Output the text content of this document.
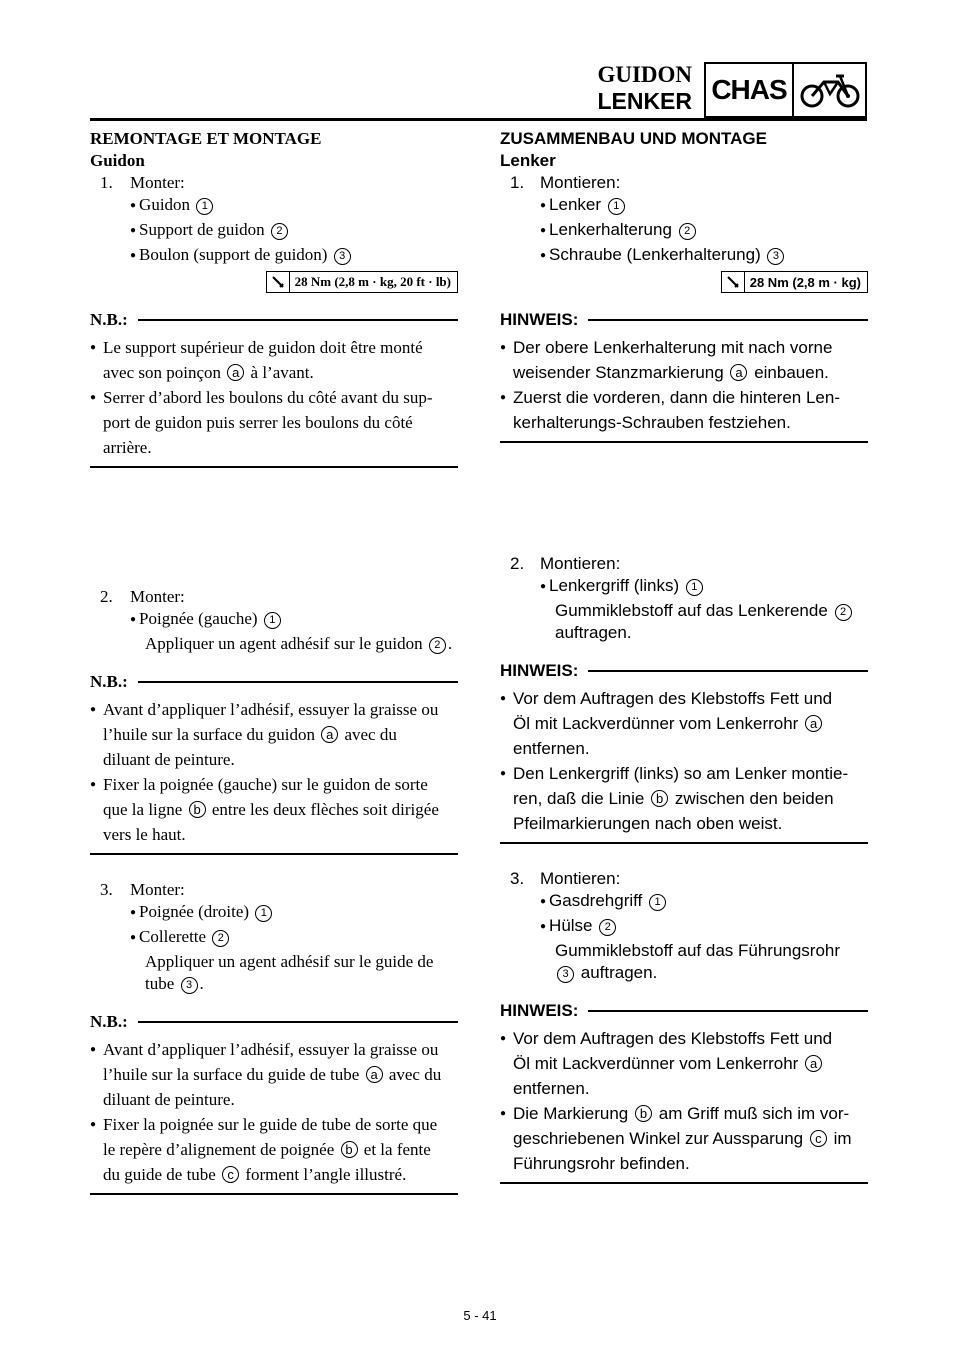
GUIDON
LENKER CHAS
REMONTAGE ET MONTAGE
Guidon
1. Monter:
● Guidon 1
● Support de guidon 2
● Boulon (support de guidon) 3
28 Nm (2,8 m · kg, 20 ft · lb)
N.B.:
● Le support supérieur de guidon doit être monté
avec son poinçon a à l’avant.
● Serrer d’abord les boulons du côté avant du sup-
port de guidon puis serrer les boulons du côté
arrière.
2. Monter:
● Poignée (gauche) 1
Appliquer un agent adhésif sur le guidon 2 .
N.B.:
● Avant d’appliquer l’adhésif, essuyer la graisse ou
l’huile sur la surface du guidon a avec du
diluant de peinture.
● Fixer la poignée (gauche) sur le guidon de sorte
que la ligne b entre les deux flèches soit dirigée
vers le haut.
3. Monter:
● Poignée (droite) 1
● Collerette 2
Appliquer un agent adhésif sur le guide de
tube 3 .
N.B.:
● Avant d’appliquer l’adhésif, essuyer la graisse ou
l’huile sur la surface du guide de tube a avec du
diluant de peinture.
● Fixer la poignée sur le guide de tube de sorte que
le repère d’alignement de poignée b et la fente
du guide de tube c forment l’angle illustré.
ZUSAMMENBAU UND MONTAGE
Lenker
1. Montieren:
● Lenker 1
● Lenkerhalterung 2
● Schraube (Lenkerhalterung) 3
28 Nm (2,8 m · kg)
HINWEIS:
● Der obere Lenkerhalterung mit nach vorne
weisender Stanzmarkierung a einbauen.
● Zuerst die vorderen, dann die hinteren Len-
kerhalterungs-Schrauben festziehen.
2. Montieren:
● Lenkergriff (links) 1
Gummiklebstoff auf das Lenkerende 2
auftragen.
HINWEIS:
● Vor dem Auftragen des Klebstoffs Fett und
Öl mit Lackverdünner vom Lenkerrohr a
entfernen.
● Den Lenkergriff (links) so am Lenker montie-
ren, daß die Linie b zwischen den beiden
Pfeilmarkierungen nach oben weist.
3. Montieren:
● Gasdrehgriff 1
● Hülse 2
Gummiklebstoff auf das Führungsrohr
3 auftragen.
HINWEIS:
● Vor dem Auftragen des Klebstoffs Fett und
Öl mit Lackverdünner vom Lenkerrohr a
entfernen.
● Die Markierung b am Griff muß sich im vor-
geschriebenen Winkel zur Aussparung c im
Führungsrohr befinden.
5 - 41
